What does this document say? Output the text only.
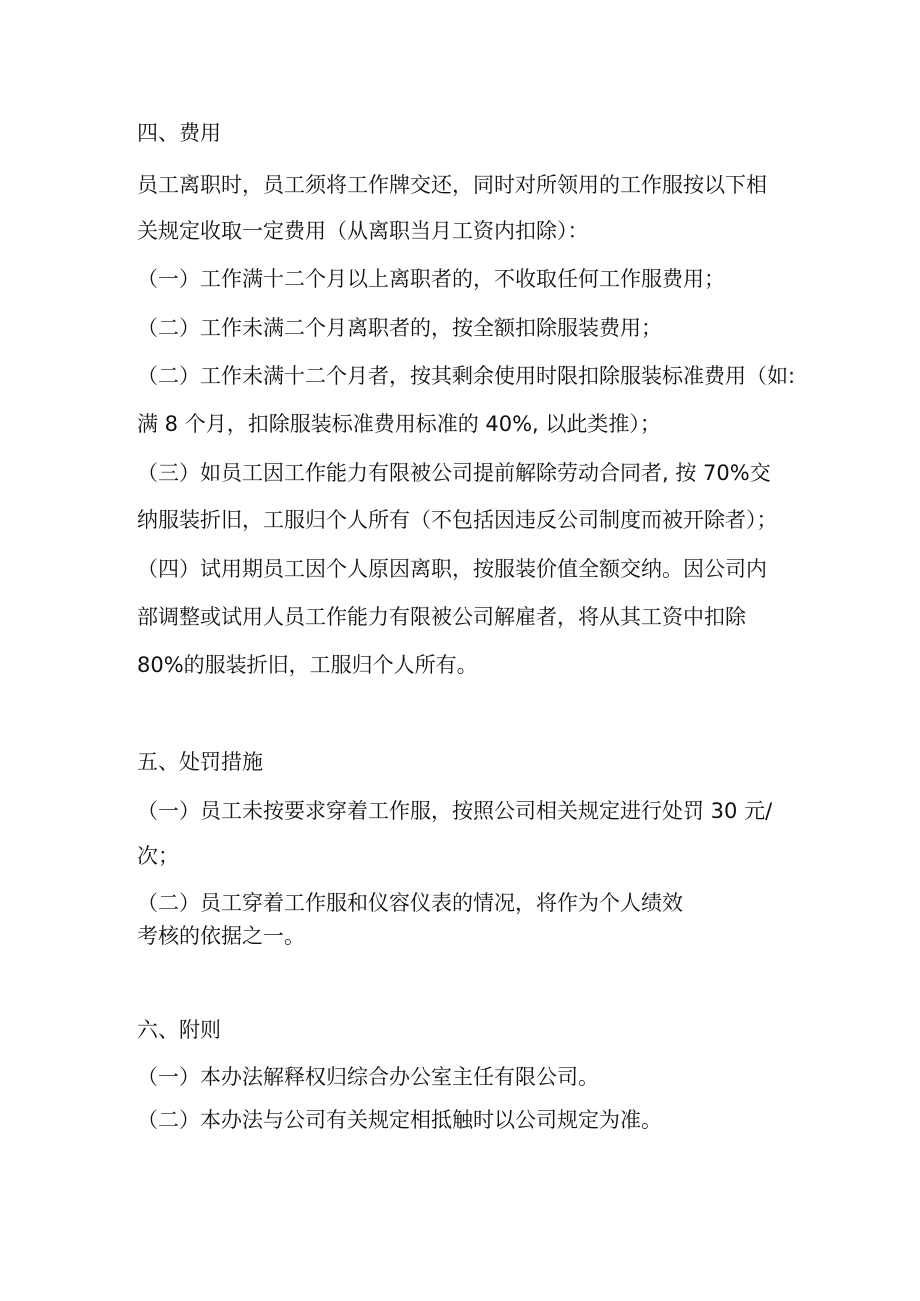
四、费用

员工离职时，员工须将工作牌交还，同时对所领用的工作服按以下相

关规定收取一定费用（从离职当月工资内扣除）：

（一）工作满十二个月以上离职者的，不收取任何工作服费用；

（二）工作未满二个月离职者的，按全额扣除服装费用；

（二）工作未满十二个月者，按其剩余使用时限扣除服装标准费用（如:

满 8 个月，扣除服装标准费用标准的 40%, 以此类推）；

（三）如员工因工作能力有限被公司提前解除劳动合同者, 按 70%交

纳服装折旧，工服归个人所有（不包括因违反公司制度而被开除者）；

（四）试用期员工因个人原因离职，按服装价值全额交纳。因公司内

部调整或试用人员工作能力有限被公司解雇者，将从其工资中扣除

80%的服装折旧，工服归个人所有。

五、处罚措施

（一）员工未按要求穿着工作服，按照公司相关规定进行处罚 30 元/

次；

（二）员工穿着工作服和仪容仪表的情况，将作为个人绩效

考核的依据之一。

六、附则

（一）本办法解释权归综合办公室主任有限公司。

（二）本办法与公司有关规定相抵触时以公司规定为准。
